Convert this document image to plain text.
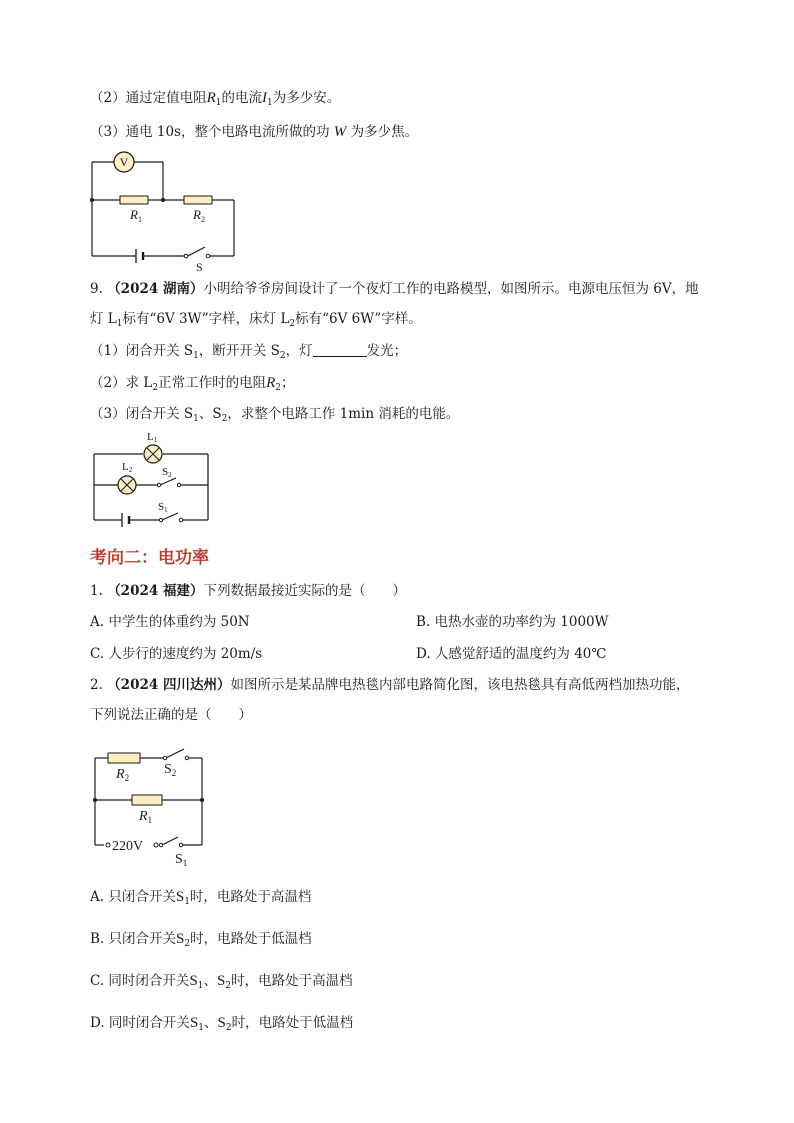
（2）通过定值电阻$R_1$的电流$I_1$为多少安。
（3）通电 10s，整个电路电流所做的功 W 为多少焦。
V
$R_1$	$R_2$
S
9. （2024 湖南）小明给爷爷房间设计了一个夜灯工作的电路模型，如图所示。电源电压恒为 6V，地
灯 $L_1$标有“6V 3W”字样，床灯 $L_2$标有“6V 6W”字样。
（1）闭合开关 $S_1$，断开开关 $S_2$，灯	发光；
（2）求 $L_2$正常工作时的电阻$R_2$；
（3）闭合开关 $S_1$、$S_2$，求整个电路工作 1min 消耗的电能。
L1
L2	S2
S1
考向二：电功率
1. （2024 福建）下列数据最接近实际的是（　　）
A. 中学生的体重约为 50N	B. 电热水壶的功率约为 1000W
C. 人步行的速度约为 20m/s	D. 人感觉舒适的温度约为 40℃
2. （2024 四川达州）如图所示是某品牌电热毯内部电路简化图，该电热毯具有高低两档加热功能，
下列说法正确的是（　　）
$R_2$
$S_2$
$R_1$
220V
$S_1$
A. 只闭合开关$S_1$时，电路处于高温档
B. 只闭合开关$S_2$时，电路处于低温档
C. 同时闭合开关$S_1$、$S_2$时，电路处于高温档
D. 同时闭合开关$S_1$、$S_2$时，电路处于低温档
